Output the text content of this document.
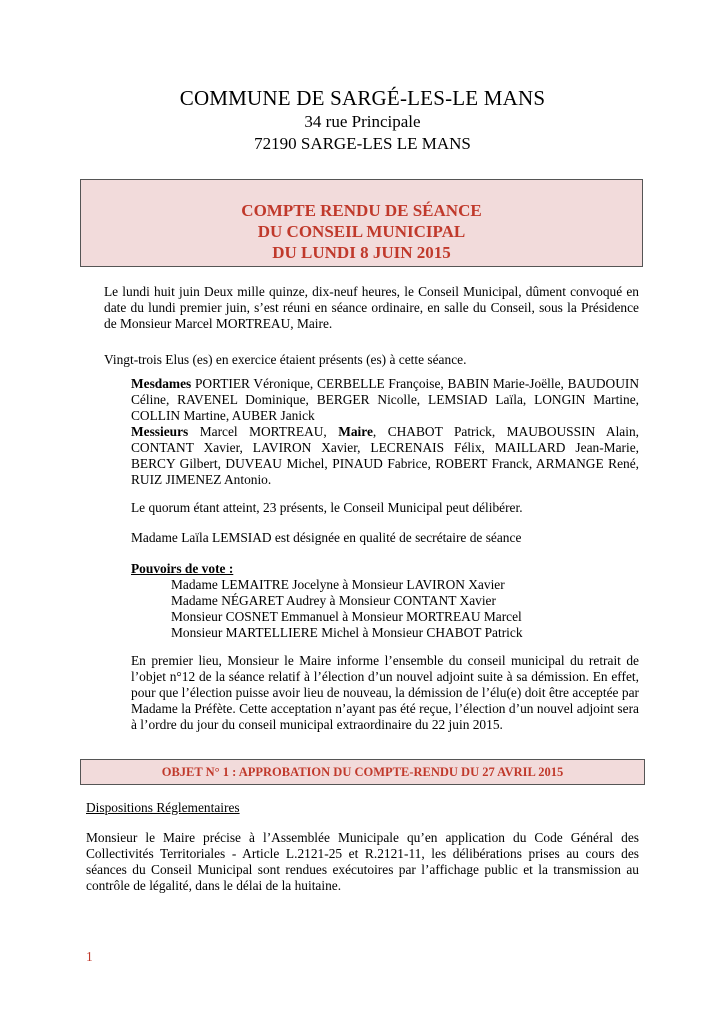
COMMUNE DE SARGÉ-LES-LE MANS
34 rue Principale
72190 SARGE-LES LE MANS
COMPTE RENDU DE SÉANCE
DU CONSEIL MUNICIPAL
DU LUNDI 8 JUIN 2015
Le lundi huit juin Deux mille quinze, dix-neuf heures, le Conseil Municipal, dûment convoqué en date du lundi premier juin, s’est réuni en séance ordinaire, en salle du Conseil, sous la Présidence de Monsieur Marcel MORTREAU, Maire.
Vingt-trois Elus (es) en exercice étaient présents (es) à cette séance.
Mesdames PORTIER Véronique, CERBELLE Françoise, BABIN Marie-Joëlle, BAUDOUIN Céline, RAVENEL Dominique, BERGER Nicolle, LEMSIAD Laïla, LONGIN Martine, COLLIN Martine, AUBER Janick
Messieurs Marcel MORTREAU, Maire, CHABOT Patrick, MAUBOUSSIN Alain, CONTANT Xavier, LAVIRON Xavier, LECRENAIS Félix, MAILLARD Jean-Marie, BERCY Gilbert, DUVEAU Michel, PINAUD Fabrice, ROBERT Franck, ARMANGE René, RUIZ JIMENEZ Antonio.
Le quorum étant atteint, 23 présents, le Conseil Municipal peut délibérer.
Madame Laïla LEMSIAD est désignée en qualité de secrétaire de séance
Pouvoirs de vote :
Madame LEMAITRE Jocelyne à Monsieur LAVIRON Xavier
Madame NÉGARET Audrey à Monsieur CONTANT Xavier
Monsieur COSNET Emmanuel à Monsieur MORTREAU Marcel
Monsieur MARTELLIERE Michel à Monsieur CHABOT Patrick
En premier lieu, Monsieur le Maire informe l’ensemble du conseil municipal du retrait de l’objet n°12 de la séance relatif à l’élection d’un nouvel adjoint suite à sa démission. En effet, pour que l’élection puisse avoir lieu de nouveau, la démission de l’élu(e) doit être acceptée par Madame la Préfète. Cette acceptation n’ayant pas été reçue, l’élection d’un nouvel adjoint sera à l’ordre du jour du conseil municipal extraordinaire du 22 juin 2015.
OBJET N° 1 : APPROBATION DU COMPTE-RENDU DU 27 AVRIL 2015
Dispositions Réglementaires
Monsieur le Maire précise à l’Assemblée Municipale qu’en application du Code Général des Collectivités Territoriales - Article L.2121-25 et R.2121-11, les délibérations prises au cours des séances du Conseil Municipal sont rendues exécutoires par l’affichage public et la transmission au contrôle de légalité, dans le délai de la huitaine.
1
